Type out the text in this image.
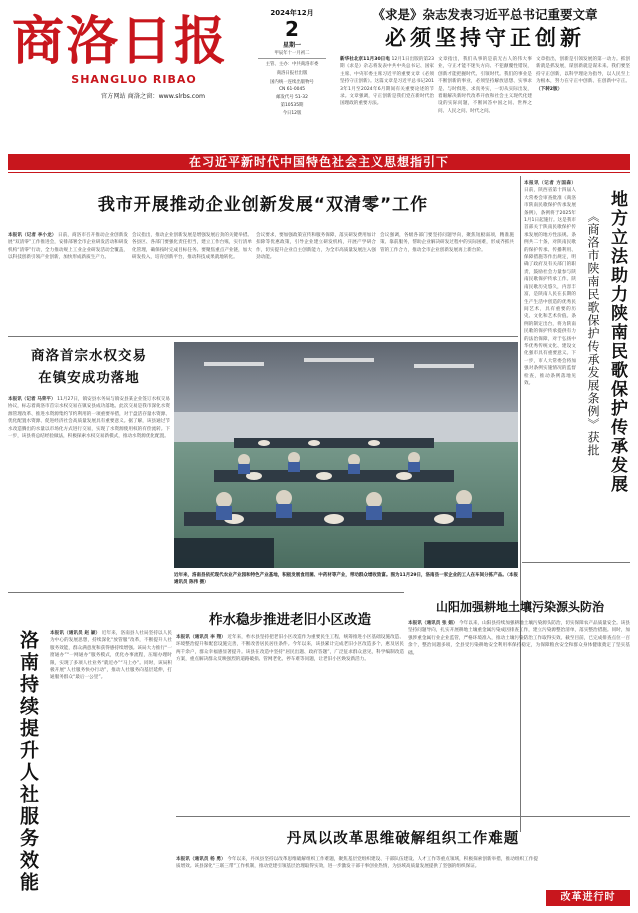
商洛日报
SHANGLUO RIBAO
官方网站 商洛之窗：www.slrbs.com
2024年12月
2
星期一
甲辰年十一月初二
主管、主办：中共商洛市委
商洛日报社出版
国内统一连续出版物号
CN 61-0045
邮发代号 51-32
第10535期
今日12版
《求是》杂志发表习近平总书记重要文章
必须坚持守正创新
新华社北京11月30日电 12月1日出版的第23期《求是》杂志将发表中共中央总书记、国家主席、中央军委主席习近平的重要文章《必须坚持守正创新》。这篇文章是习近平总书记2013年1月至2024年6月期间有关重要论述的节录。文章强调，守正创新是我们党在新时代治国理政的重要方法。
文章指出，我们从事的是前无古人的伟大事业，守正才能不迷失方向、不犯颠覆性错误，创新才能把握时代、引领时代。我们的事业是不断创新的事业，必须坚持解放思想、实事求是、与时俱进、求真务实，一切从实际出发，着眼解决新时代改革开放和社会主义现代化建设的实际问题，不断回答中国之问、世界之问、人民之问、时代之问。
文章指出，创新是引领发展的第一动力。抓创新就是抓发展，谋创新就是谋未来。我们要坚持守正创新，以科学理论为指导，以人民至上为根本，努力在守正中创新、在创新中守正。 （下转2版）
在习近平新时代中国特色社会主义思想指引下
我市开展推动企业创新发展“双清零”工作
本报讯（记者 李小龙） 日前，商洛市召开推动企业创新发展“双清零”工作推进会，安排部署全市企业研发活动和研发机构“清零”行动，全力推动规上工业企业研发活动全覆盖，以科技创新引领产业创新，加快形成新质生产力。
会议指出，推动企业创新发展是增强发展后劲的关键举措。各县区、各部门要强化责任担当，建立工作台账，实行清单化管理，确保按时完成目标任务。要聚焦重点产业链，加大研发投入，培育创新平台，推动科技成果就地转化。
会议要求，要加强政策宣传和服务保障，落实研发费用加计扣除等优惠政策，引导企业建立研发机构，开展产学研合作，切实提升企业自主创新能力，为全市高质量发展注入强劲动能。
会议强调，各级各部门要坚持问题导向，聚焦短板弱项，精准施策、靠前服务，帮助企业解决研发过程中的实际困难，形成齐抓共管的工作合力，推动全市企业创新发展再上新台阶。
商洛首宗水权交易
在镇安成功落地
本报讯（记者 马荣平） 11月27日，镇安县水务局与镇安县某企业签订水权交易协议，标志着商洛市首宗水权交易在镇安县成功落地。此次交易是我市深化水资源管理改革、推进水资源集约节约利用的一项重要举措，对于盘活存量水资源、优化配置水资源、促进经济社会高质量发展具有重要意义。据了解，该县通过节水改造腾出的水量以市场化方式进行交易，实现了水资源使用权的有偿流转。下一步，该县将总结经验做法，积极探索水权交易新模式，推动水资源优化配置。
近年来，洛南县依托现代农业产业园和特色产业基地，积极发展食用菌、中药材等产业，带动群众增收致富。图为11月29日，洛南县一家企业的工人在车间分拣产品。（本报通讯员 陈伟 摄）
本报讯（记者 方国森） 日前，陕西省第十四届人大常委会审查批准《商洛市陕南民歌保护传承发展条例》，条例将于2025年1月1日起施行。这是我市首部关于陕南民歌保护传承发展的地方性法规。条例共二十条，对陕南民歌的保护传承、传播利用、保障措施等作出规定，明确了政府及有关部门的职责，鼓励社会力量参与陕南民歌保护传承工作。陕南民歌历史悠久，内容丰富，是陕南人民在长期的生产生活中创造的优秀民间艺术，具有重要的历史、文化和艺术价值。条例的制定出台，将为陕南民歌的保护传承提供有力的法治保障，对于弘扬中华优秀传统文化、建设文化强市具有重要意义。下一步，市人大常委会将加强对条例实施情况的监督检查，推动条例落地见效。	地方立法助力陕南民歌保护传承发展
《商洛市陕南民歌保护传承发展条例》获批
山阳加强耕地土壤污染源头防治
本报讯（通讯员 张 娟） 今年以来，山阳县持续加强耕地土壤污染源头防治，切实保障农产品质量安全。该县坚持问题导向，扎实开展耕地土壤重金属污染成因排查工作，建立污染源整治清单，落实整治措施。同时，加强涉重金属行业企业监管，严格环境准入，推动土壤污染防治工作取得实效。截至目前，已完成排查点位一百余个，整治问题多项，全县受污染耕地安全利用率保持稳定，为保障粮食安全和群众身体健康奠定了坚实基础。
本报讯（通讯员 赵 颖） 近年来，洛南县人社局坚持以人民为中心的发展思想，持续深化“放管服”改革，不断提升人社服务效能，群众满意度和获得感持续增强。该局大力推行“一窗通办”“一网通办”服务模式，优化办事流程，压缩办理时限，实现了多项人社业务“就近办”“马上办”。同时，该局积极开展“人社服务快办行动”，推动人社服务向基层延伸，打通服务群众“最后一公里”。
洛南持续提升人社服务效能
柞水稳步推进老旧小区改造
本报讯（通讯员 李 翔） 近年来，柞水县坚持把老旧小区改造作为重要民生工程，统筹推进小区基础设施改造、环境整治提升和配套设施完善，不断改善居民居住条件。今年以来，该县累计完成老旧小区改造多个，惠及居民两千余户，群众幸福感显著提升。该县在改造中坚持“居民出题、政府答题”，广泛征求群众意见，科学编制改造方案，重点解决群众反映强烈的道路破损、管网老化、停车难等问题，让老旧小区焕发新活力。
丹凤以改革思维破解组织工作难题
本报讯（通讯员 杨 勇） 今年以来，丹凤县坚持以改革思维破解组织工作难题，聚焦基层党组织建设、干部队伍建设、人才工作等重点领域，积极探索创新举措，推动组织工作提质增效。该县深化“三联三带”工作机制，推动党建引领基层治理取得实效，进一步激发干部干事创业热情，为县域高质量发展提供了坚强的组织保证。
改革进行时
